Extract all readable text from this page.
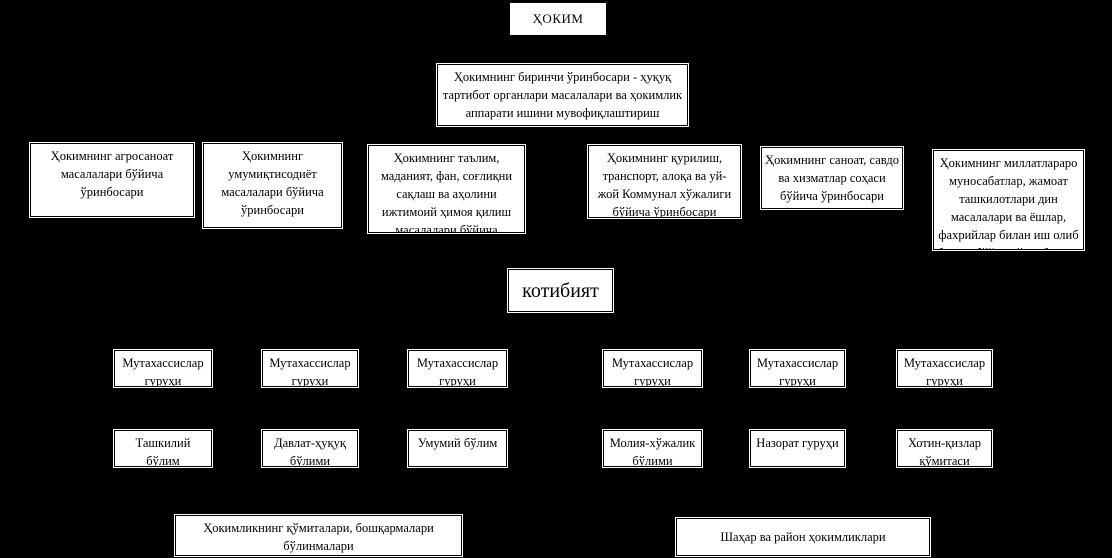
ҲОКИМ
Ҳокимнинг биринчи ўринбосари - ҳуқуқ тартибот органлари масалалари ва ҳокимлик аппарати ишини мувофиқлаштириш
Ҳокимнинг агросаноат масалалари бўйича ўринбосари
Ҳокимнинг умумиқтисодиёт масалалари бўйича ўринбосари
Ҳокимнинг таълим, маданият, фан, соғлиқни сақлаш ва аҳолини ижтимоий ҳимоя қилиш масалалари бўйича ўринбосари
Ҳокимнинг қурилиш, транспорт, алоқа ва уй-жой Коммунал хўжалиги бўйича ўринбосари
Ҳокимнинг саноат, савдо ва хизматлар соҳаси бўйича ўринбосари
Ҳокимнинг миллатлараро муносабатлар, жамоат ташкилотлари дин масалалари ва ёшлар, фахрийлар билан иш олиб бориш бўйича ўринбосари
котибият
Мутахассислар гуруҳи
Мутахассислар гуруҳи
Мутахассислар гуруҳи
Мутахассислар гуруҳи
Мутахассислар гуруҳи
Мутахассислар гуруҳи
Ташкилий бўлим
Давлат-ҳуқуқ бўлими
Умумий бўлим	Молия-хўжалик бўлими
Назорат гуруҳи	Хотин-қизлар қўмитаси
Ҳокимликнинг қўмиталари, бошқармалари бўлинмалари
Шаҳар ва район ҳокимликлари
